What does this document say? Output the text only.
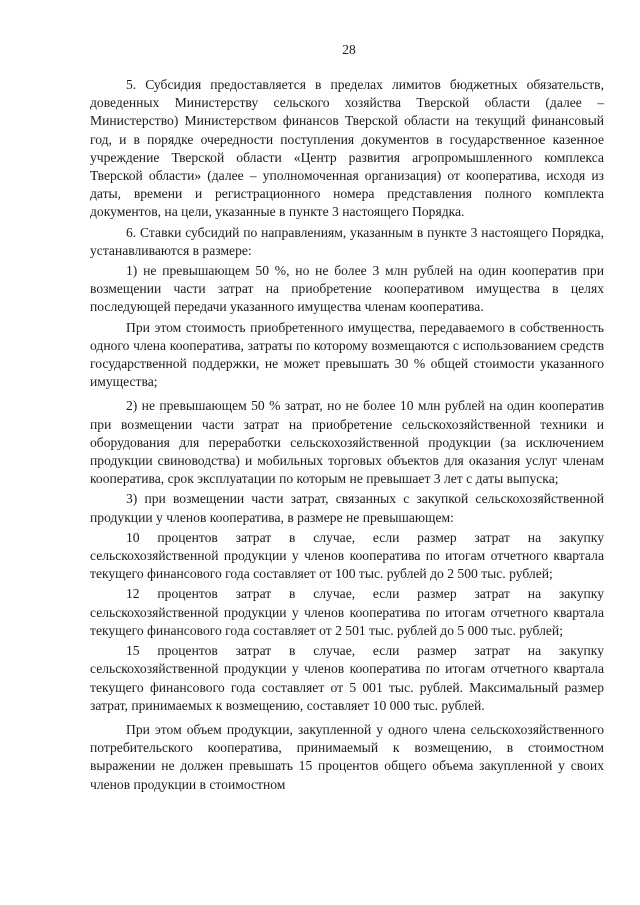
28

5. Субсидия предоставляется в пределах лимитов бюджетных обязательств, доведенных Министерству сельского хозяйства Тверской области (далее – Министерство) Министерством финансов Тверской области на текущий финансовый год, и в порядке очередности поступления документов в государственное казенное учреждение Тверской области «Центр развития агропромышленного комплекса Тверской области» (далее – уполномоченная организация) от кооператива, исходя из даты, времени и регистрационного номера представления полного комплекта документов, на цели, указанные в пункте 3 настоящего Порядка.

6. Ставки субсидий по направлениям, указанным в пункте 3 настоящего Порядка, устанавливаются в размере:

1) не превышающем 50 %, но не более 3 млн рублей на один кооператив при возмещении части затрат на приобретение кооперативом имущества в целях последующей передачи указанного имущества членам кооператива.

При этом стоимость приобретенного имущества, передаваемого в собственность одного члена кооператива, затраты по которому возмещаются с использованием средств государственной поддержки, не может превышать 30 % общей стоимости указанного имущества;

2) не превышающем 50 % затрат, но не более 10 млн рублей на один кооператив при возмещении части затрат на приобретение сельскохозяйственной техники и оборудования для переработки сельскохозяйственной продукции (за исключением продукции свиноводства) и мобильных торговых объектов для оказания услуг членам кооператива, срок эксплуатации по которым не превышает 3 лет с даты выпуска;

3) при возмещении части затрат, связанных с закупкой сельскохозяйственной продукции у членов кооператива, в размере не превышающем:

10 процентов затрат в случае, если размер затрат на закупку сельскохозяйственной продукции у членов кооператива по итогам отчетного квартала текущего финансового года составляет от 100 тыс. рублей до 2 500 тыс. рублей;

12 процентов затрат в случае, если размер затрат на закупку сельскохозяйственной продукции у членов кооператива по итогам отчетного квартала текущего финансового года составляет от 2 501 тыс. рублей до 5 000 тыс. рублей;

15 процентов затрат в случае, если размер затрат на закупку сельскохозяйственной продукции у членов кооператива по итогам отчетного квартала текущего финансового года составляет от 5 001 тыс. рублей. Максимальный размер затрат, принимаемых к возмещению, составляет 10 000 тыс. рублей.

При этом объем продукции, закупленной у одного члена сельскохозяйственного потребительского кооператива, принимаемый к возмещению, в стоимостном выражении не должен превышать 15 процентов общего объема закупленной у своих членов продукции в стоимостном
